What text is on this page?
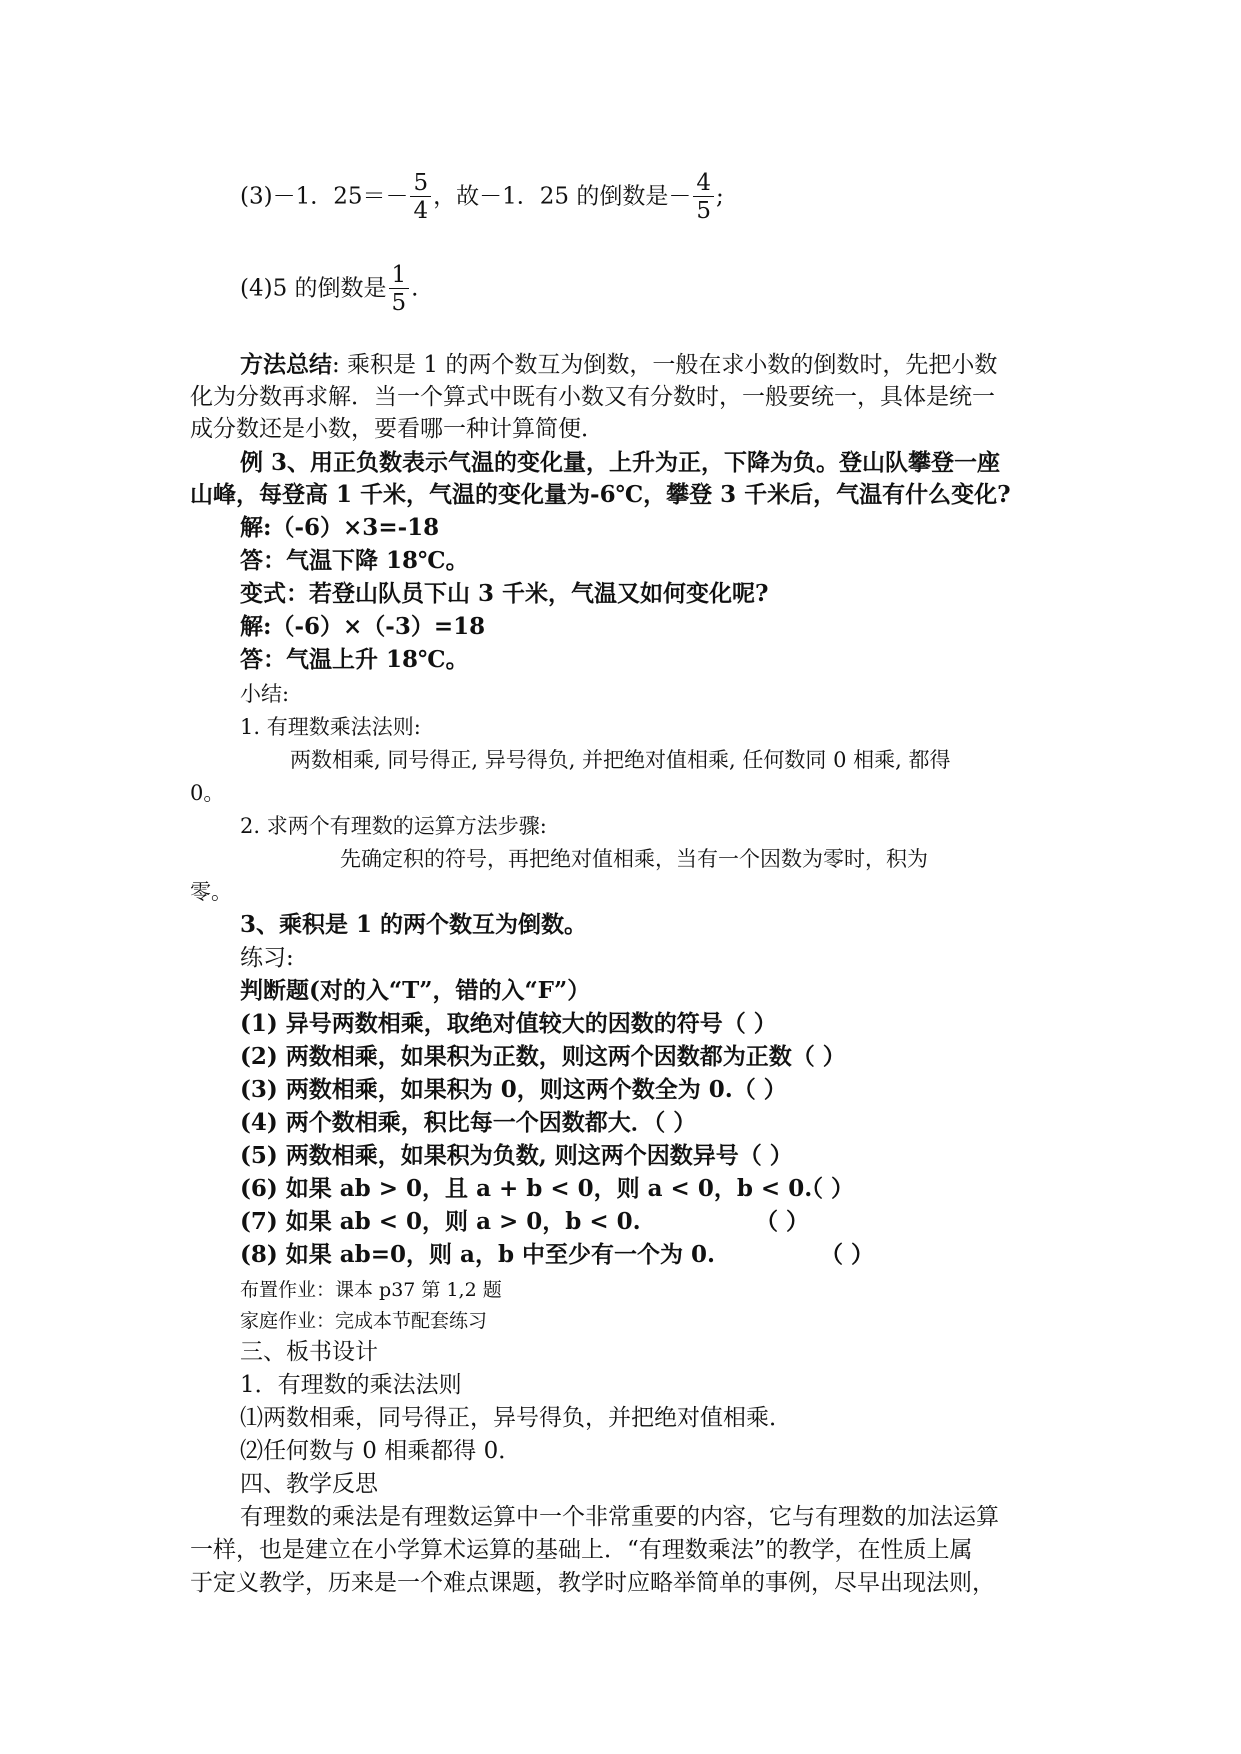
(3)－1．$25=- \frac{5}{4}$ ，故－1．25 的倒数是－ $\frac{4}{5}$ ;
(4)5 的倒数是 $\frac{1}{5}$ .
方法总结: 乘积是 1 的两个数互为倒数，一般在求小数的倒数时，先把小数
化为分数再求解．当一个算式中既有小数又有分数时，一般要统一，具体是统一
成分数还是小数，要看哪一种计算简便．
例 3、用正负数表示气温的变化量，上升为正，下降为负。登山队攀登一座
山峰，每登高 1 千米，气温的变化量为-6℃，攀登 3 千米后，气温有什么变化?
解:（-6）×3=-18
答：气温下降 18℃。
变式：若登山队员下山 3 千米，气温又如何变化呢?
解:（-6）×（-3）=18
答：气温上升 18℃。
小结:
1. 有理数乘法法则:
两数相乘, 同号得正, 异号得负, 并把绝对值相乘, 任何数同 0 相乘, 都得
0。
2. 求两个有理数的运算方法步骤:
先确定积的符号，再把绝对值相乘，当有一个因数为零时，积为
零。
3、乘积是 1 的两个数互为倒数。
练习:
判断题(对的入“T”，错的入“F”）
(1) 异号两数相乘，取绝对值较大的因数的符号（ ）
(2) 两数相乘，如果积为正数，则这两个因数都为正数（ ）
(3) 两数相乘，如果积为 0，则这两个数全为 0.（ ）
(4) 两个数相乘，积比每一个因数都大．（ ）
(5) 两数相乘，如果积为负数, 则这两个因数异号（ ）
(6) 如果 ab > 0，且 a + b < 0，则 a < 0，b < 0.
（ ）
(7) 如果 ab < 0，则 a > 0，b < 0.	（ ）
(8) 如果 ab=0，则 a，b 中至少有一个为 0.	（ ）
布置作业：课本 p37 第 1,2 题
家庭作业：完成本节配套练习
三、板书设计
1．有理数的乘法法则
⑴两数相乘，同号得正，异号得负，并把绝对值相乘．
⑵任何数与 0 相乘都得 0．
四、教学反思
有理数的乘法是有理数运算中一个非常重要的内容，它与有理数的加法运算
一样，也是建立在小学算术运算的基础上．“有理数乘法”的教学，在性质上属
于定义教学，历来是一个难点课题，教学时应略举简单的事例，尽早出现法则，
